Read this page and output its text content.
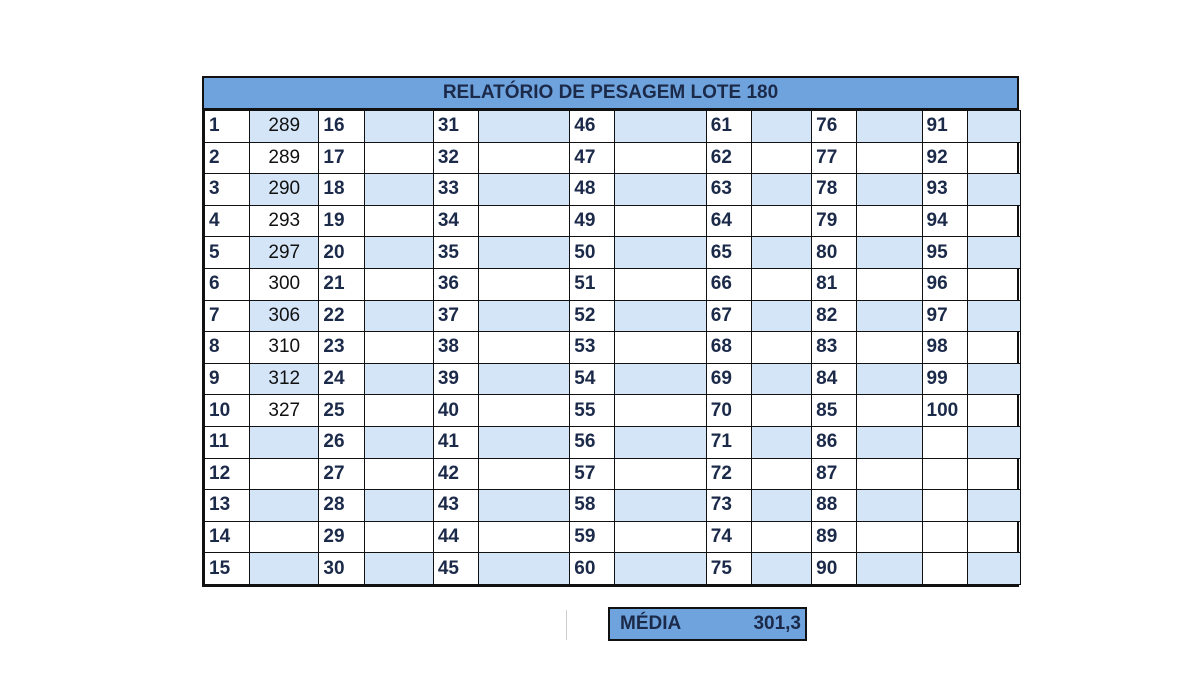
RELATÓRIO DE PESAGEM LOTE 180
1	289	16		31		46		61		76		91	
2	289	17		32		47		62		77		92	
3	290	18		33		48		63		78		93	
4	293	19		34		49		64		79		94	
5	297	20		35		50		65		80		95	
6	300	21		36		51		66		81		96	
7	306	22		37		52		67		82		97	
8	310	23		38		53		68		83		98	
9	312	24		39		54		69		84		99	
10	327	25		40		55		70		85		100	
11		26		41		56		71		86			
12		27		42		57		72		87			
13		28		43		58		73		88			
14		29		44		59		74		89			
15		30		45		60		75		90			
MÉDIA	301,3
